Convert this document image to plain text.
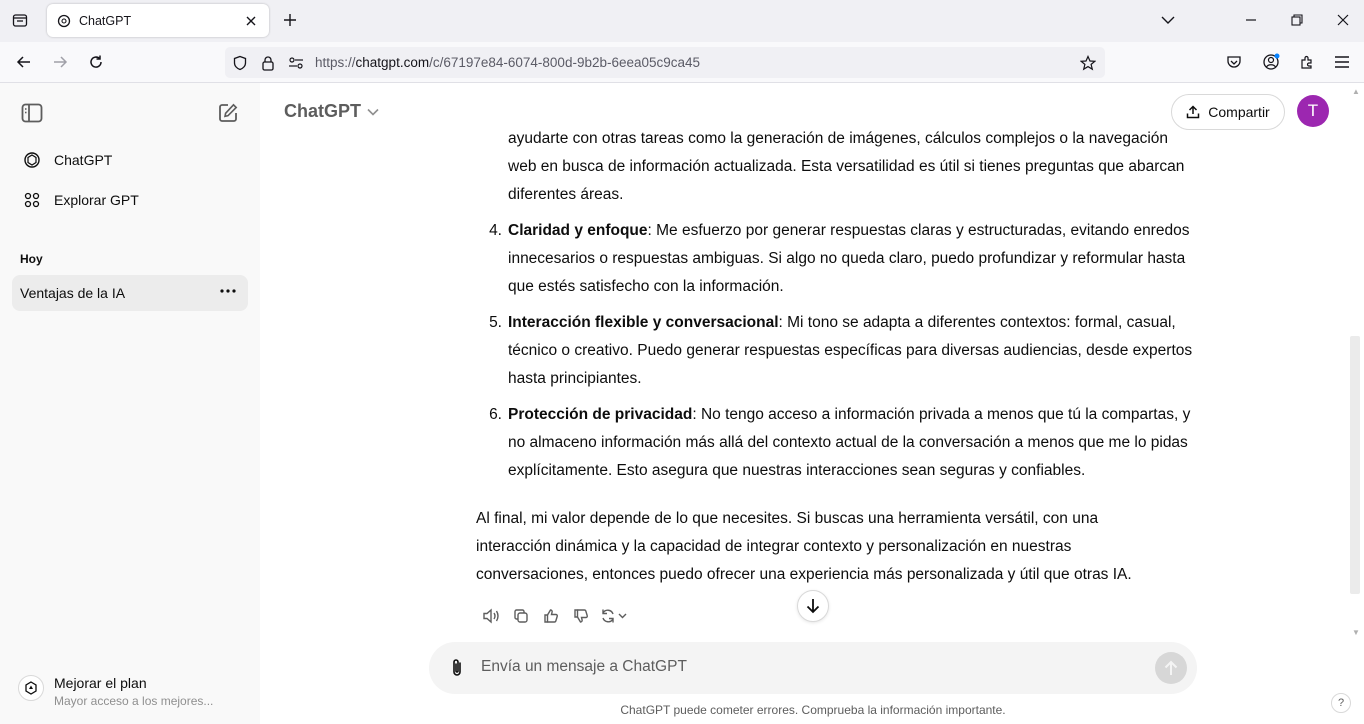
ChatGPT
https://chatgpt.com/c/67197e84-6074-800d-9b2b-6eea05c9ca45
ChatGPT
Explorar GPT
Hoy
Ventajas de la IA
Mejorar el plan
Mayor acceso a los mejores...
ChatGPT	Compartir	T
ayudarte con otras tareas como la generación de imágenes, cálculos complejos o la navegación web en busca de información actualizada. Esta versatilidad es útil si tienes preguntas que abarcan diferentes áreas.
4. Claridad y enfoque: Me esfuerzo por generar respuestas claras y estructuradas, evitando enredos innecesarios o respuestas ambiguas. Si algo no queda claro, puedo profundizar y reformular hasta que estés satisfecho con la información.
5. Interacción flexible y conversacional: Mi tono se adapta a diferentes contextos: formal, casual, técnico o creativo. Puedo generar respuestas específicas para diversas audiencias, desde expertos hasta principiantes.
6. Protección de privacidad: No tengo acceso a información privada a menos que tú la compartas, y no almaceno información más allá del contexto actual de la conversación a menos que me lo pidas explícitamente. Esto asegura que nuestras interacciones sean seguras y confiables.
Al final, mi valor depende de lo que necesites. Si buscas una herramienta versátil, con una interacción dinámica y la capacidad de integrar contexto y personalización en nuestras conversaciones, entonces puedo ofrecer una experiencia más personalizada y útil que otras IA.
Envía un mensaje a ChatGPT
ChatGPT puede cometer errores. Comprueba la información importante.	?
▲
▼
